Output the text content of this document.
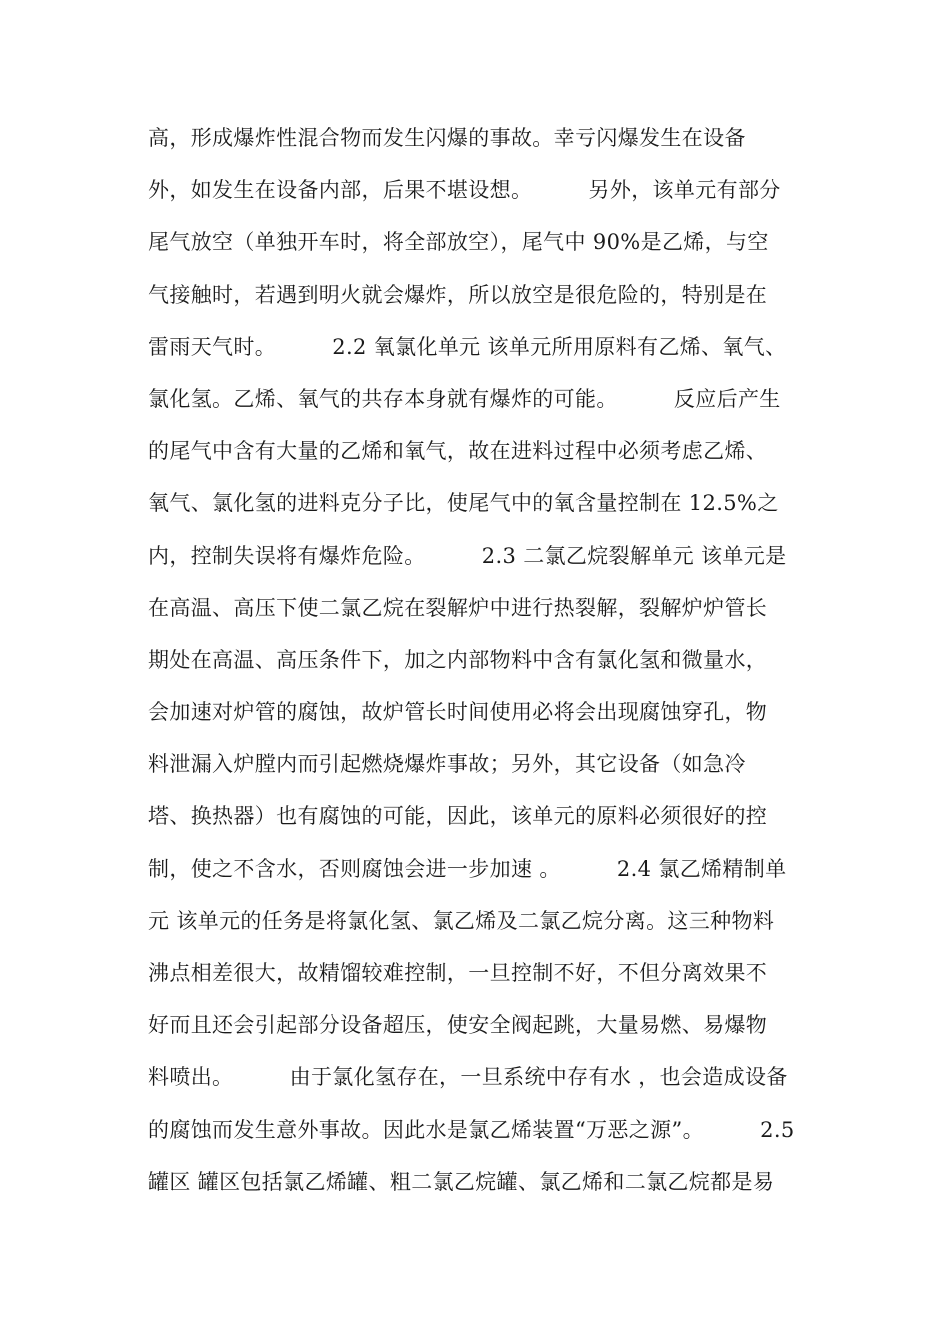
高，形成爆炸性混合物而发生闪爆的事故。幸亏闪爆发生在设备
外，如发生在设备内部，后果不堪设想。        另外，该单元有部分
尾气放空（单独开车时，将全部放空），尾气中 90%是乙烯，与空
气接触时，若遇到明火就会爆炸，所以放空是很危险的，特别是在
雷雨天气时。        2.2 氧氯化单元 该单元所用原料有乙烯、氧气、
氯化氢。乙烯、氧气的共存本身就有爆炸的可能。        反应后产生
的尾气中含有大量的乙烯和氧气，故在进料过程中必须考虑乙烯、
氧气、氯化氢的进料克分子比，使尾气中的氧含量控制在 12.5%之
内，控制失误将有爆炸危险。        2.3 二氯乙烷裂解单元 该单元是
在高温、高压下使二氯乙烷在裂解炉中进行热裂解，裂解炉炉管长
期处在高温、高压条件下，加之内部物料中含有氯化氢和微量水，
会加速对炉管的腐蚀，故炉管长时间使用必将会出现腐蚀穿孔，物
料泄漏入炉膛内而引起燃烧爆炸事故；另外，其它设备（如急冷
塔、换热器）也有腐蚀的可能，因此，该单元的原料必须很好的控
制，使之不含水，否则腐蚀会进一步加速 。        2.4 氯乙烯精制单
元 该单元的任务是将氯化氢、氯乙烯及二氯乙烷分离。这三种物料
沸点相差很大，故精馏较难控制，一旦控制不好，不但分离效果不
好而且还会引起部分设备超压，使安全阀起跳，大量易燃、易爆物
料喷出。        由于氯化氢存在，一旦系统中存有水 ，也会造成设备
的腐蚀而发生意外事故。因此水是氯乙烯装置“万恶之源”。        2.5
罐区 罐区包括氯乙烯罐、粗二氯乙烷罐、氯乙烯和二氯乙烷都是易
